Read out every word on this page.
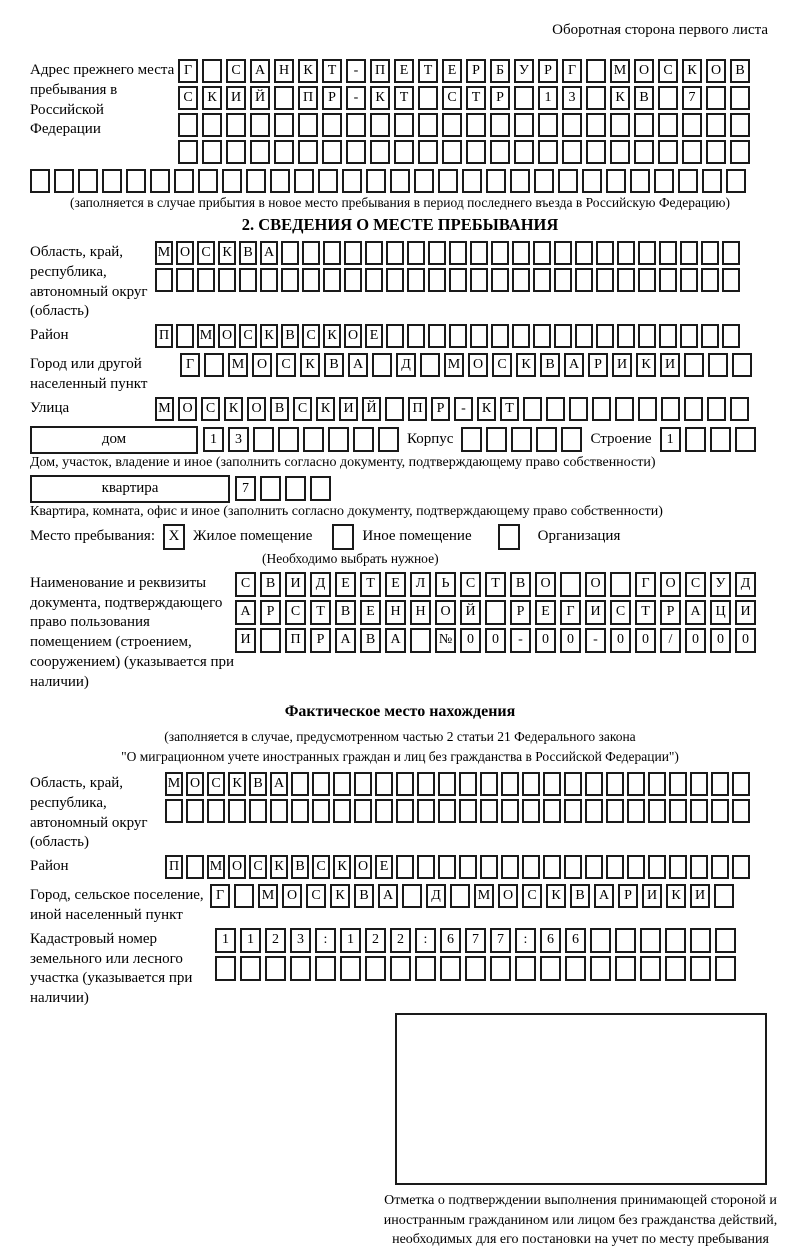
Оборотная сторона первого листа
Адрес прежнего места пребывания в Российской Федерации
Г	С	А Н	К	Т	-	П	Е	Т	Е	Р	Б	У	Р	Г	М О	С	К	О	В
С	К	И Й	П	Р	-	К	Т	С	Т	Р	1	3	К	В	7
(заполняется в случае прибытия в новое место пребывания в период последнего въезда в Российскую Федерацию)
2. СВЕДЕНИЯ О МЕСТЕ ПРЕБЫВАНИЯ
Область, край, республика, автономный округ (область)
М О С К В А
Район	П М О С К В С К О Е
Город или другой населенный пункт
Г	М О	С	К	В	А	Д	М О	С	К	В	А	Р	И	К	И
Улица	М О С К О В С К И Й	П	Р	-	К	Т
дом	1	3	Корпус	Строение	1
Дом, участок, владение и иное (заполнить согласно документу, подтверждающему право собственности)
квартира	7
Квартира, комната, офис и иное (заполнить согласно документу, подтверждающему право собственности)
Место пребывания: X Жилое помещение	Иное помещение	Организация
(Необходимо выбрать нужное)
Наименование и реквизиты документа, подтверждающего право пользования помещением (строением, сооружением) (указывается при наличии)
С	В	И	Д	Е	Т	Е	Л	Ь	С	Т	В	О	О	Г	О	С	У	Д
А	Р	С	Т	В	Е	Н	Н	О	Й	Р	Е	Г	И	С	Т	Р	А	Ц	И
И	П	Р	А	В	А	№	0	0	-	0	0	-	0	0	/	0	0	0
Фактическое место нахождения
(заполняется в случае, предусмотренном частью 2 статьи 21 Федерального закона
"О миграционном учете иностранных граждан и лиц без гражданства в Российской Федерации")
Область, край, республика, автономный округ (область)
М О С К В А
Район	П М О С К В С К О Е
Город, сельское поселение, иной населенный пункт
Г	М О	С	К	В	А	Д	М О	С	К	В	А	Р	И	К	И
Кадастровый номер земельного или лесного участка (указывается при наличии)
1	1	2	3	:	1	2	2	:	6	7	7	:	6	6
Отметка о подтверждении выполнения принимающей стороной и иностранным гражданином или лицом без гражданства действий, необходимых для его постановки на учет по месту пребывания
